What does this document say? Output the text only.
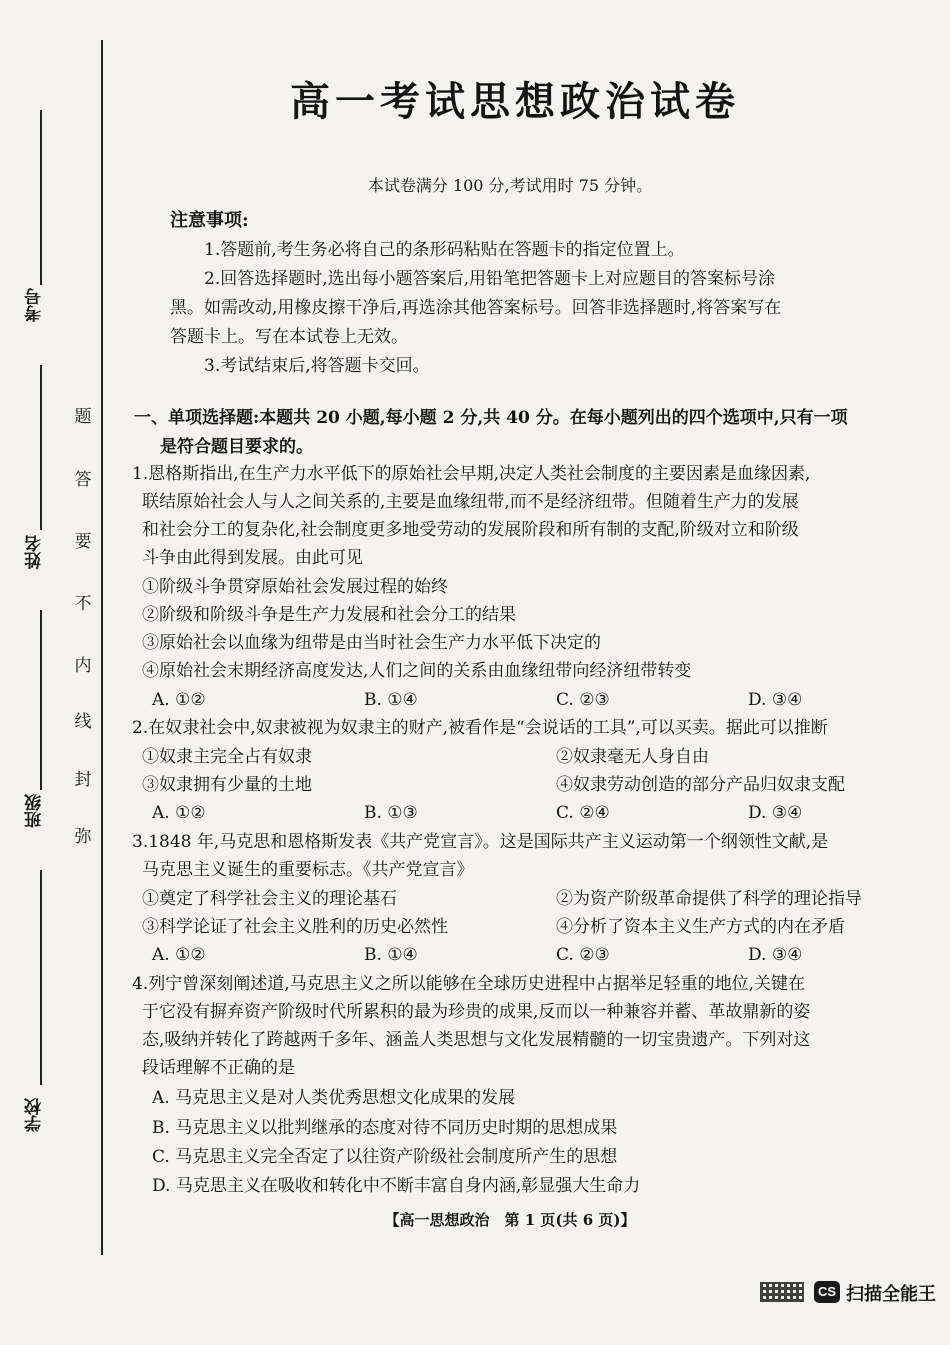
考号
姓名
班级
学校
题
答
要
不
内
线
封
弥
高一考试思想政治试卷
本试卷满分 100 分,考试用时 75 分钟。
注意事项:
1.答题前,考生务必将自己的条形码粘贴在答题卡的指定位置上。
2.回答选择题时,选出每小题答案后,用铅笔把答题卡上对应题目的答案标号涂
黑。如需改动,用橡皮擦干净后,再选涂其他答案标号。回答非选择题时,将答案写在
答题卡上。写在本试卷上无效。
3.考试结束后,将答题卡交回。
一、单项选择题:本题共 20 小题,每小题 2 分,共 40 分。在每小题列出的四个选项中,只有一项
是符合题目要求的。
1.恩格斯指出,在生产力水平低下的原始社会早期,决定人类社会制度的主要因素是血缘因素,
联结原始社会人与人之间关系的,主要是血缘纽带,而不是经济纽带。但随着生产力的发展
和社会分工的复杂化,社会制度更多地受劳动的发展阶段和所有制的支配,阶级对立和阶级
斗争由此得到发展。由此可见
①阶级斗争贯穿原始社会发展过程的始终
②阶级和阶级斗争是生产力发展和社会分工的结果
③原始社会以血缘为纽带是由当时社会生产力水平低下决定的
④原始社会末期经济高度发达,人们之间的关系由血缘纽带向经济纽带转变
A. ①②	B. ①④	C. ②③	D. ③④
2.在奴隶社会中,奴隶被视为奴隶主的财产,被看作是“会说话的工具”,可以买卖。据此可以推断
①奴隶主完全占有奴隶	②奴隶毫无人身自由
③奴隶拥有少量的土地	④奴隶劳动创造的部分产品归奴隶支配
A. ①②	B. ①③	C. ②④	D. ③④
3.1848 年,马克思和恩格斯发表《共产党宣言》。这是国际共产主义运动第一个纲领性文献,是
马克思主义诞生的重要标志。《共产党宣言》
①奠定了科学社会主义的理论基石	②为资产阶级革命提供了科学的理论指导
③科学论证了社会主义胜利的历史必然性	④分析了资本主义生产方式的内在矛盾
A. ①②	B. ①④	C. ②③	D. ③④
4.列宁曾深刻阐述道,马克思主义之所以能够在全球历史进程中占据举足轻重的地位,关键在
于它没有摒弃资产阶级时代所累积的最为珍贵的成果,反而以一种兼容并蓄、革故鼎新的姿
态,吸纳并转化了跨越两千多年、涵盖人类思想与文化发展精髓的一切宝贵遗产。下列对这
段话理解不正确的是
A. 马克思主义是对人类优秀思想文化成果的发展
B. 马克思主义以批判继承的态度对待不同历史时期的思想成果
C. 马克思主义完全否定了以往资产阶级社会制度所产生的思想
D. 马克思主义在吸收和转化中不断丰富自身内涵,彰显强大生命力
【高一思想政治　第 1 页(共 6 页)】
CS 扫描全能王
